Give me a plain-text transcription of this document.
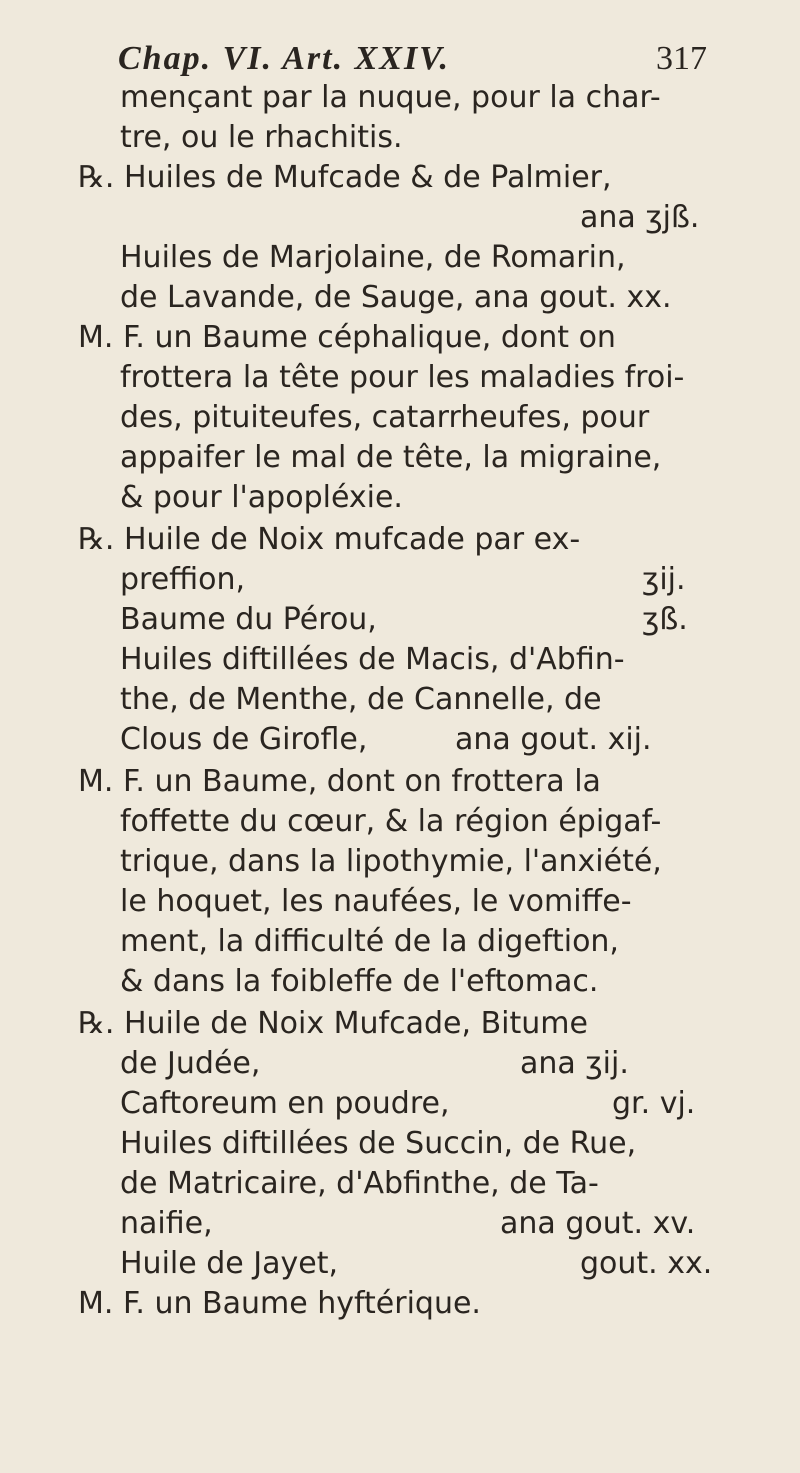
Chap. VI. Art. XXIV.	317
mençant par la nuque, pour la char-
tre, ou le rhachitis.
℞. Huiles de Mufcade & de Palmier,
ana ʒjß.
Huiles de Marjolaine, de Romarin,
de Lavande, de Sauge, ana gout. xx.
M. F. un Baume céphalique, dont on
frottera la tête pour les maladies froi-
des, pituiteufes, catarrheufes, pour
appaifer le mal de tête, la migraine,
& pour l'apopléxie.
℞. Huile de Noix mufcade par ex-
preffion,	ʒij.
Baume du Pérou,	ʒß.
Huiles diftillées de Macis, d'Abfin-
the, de Menthe, de Cannelle, de
Clous de Girofle,	ana gout. xij.
M. F. un Baume, dont on frottera la
foffette du cœur, & la région épigaf-
trique, dans la lipothymie, l'anxiété,
le hoquet, les naufées, le vomiffe-
ment, la difficulté de la digeftion,
& dans la foibleffe de l'eftomac.
℞. Huile de Noix Mufcade, Bitume
de Judée,	ana ʒij.
Caftoreum en poudre,	gr. vj.
Huiles diftillées de Succin, de Rue,
de Matricaire, d'Abfinthe, de Ta-
naifie,	ana gout. xv.
Huile de Jayet,	gout. xx.
M. F. un Baume hyftérique.
